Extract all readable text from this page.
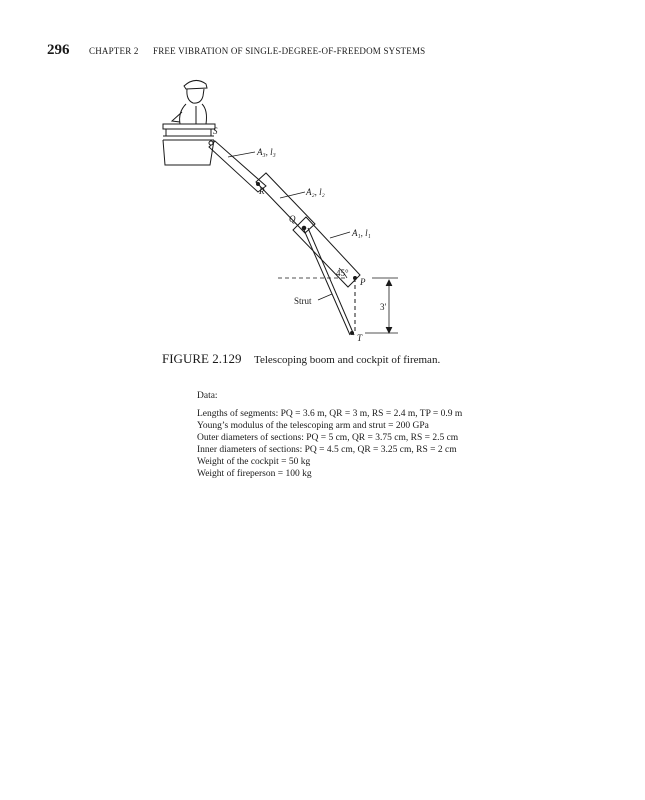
296 CHAPTER 2 FREE VIBRATION OF SINGLE-DEGREE-OF-FREEDOM SYSTEMS
S
A₃, l₃
R	A₂, l₂
Q
A₁, l₁
45°
P
Strut
3′
T
FIGURE 2.129 Telescoping boom and cockpit of fireman.
Data:
Lengths of segments: PQ = 3.6 m, QR = 3 m, RS = 2.4 m, TP = 0.9 m
Young’s modulus of the telescoping arm and strut = 200 GPa
Outer diameters of sections: PQ = 5 cm, QR = 3.75 cm, RS = 2.5 cm
Inner diameters of sections: PQ = 4.5 cm, QR = 3.25 cm, RS = 2 cm
Weight of the cockpit = 50 kg
Weight of fireperson = 100 kg
